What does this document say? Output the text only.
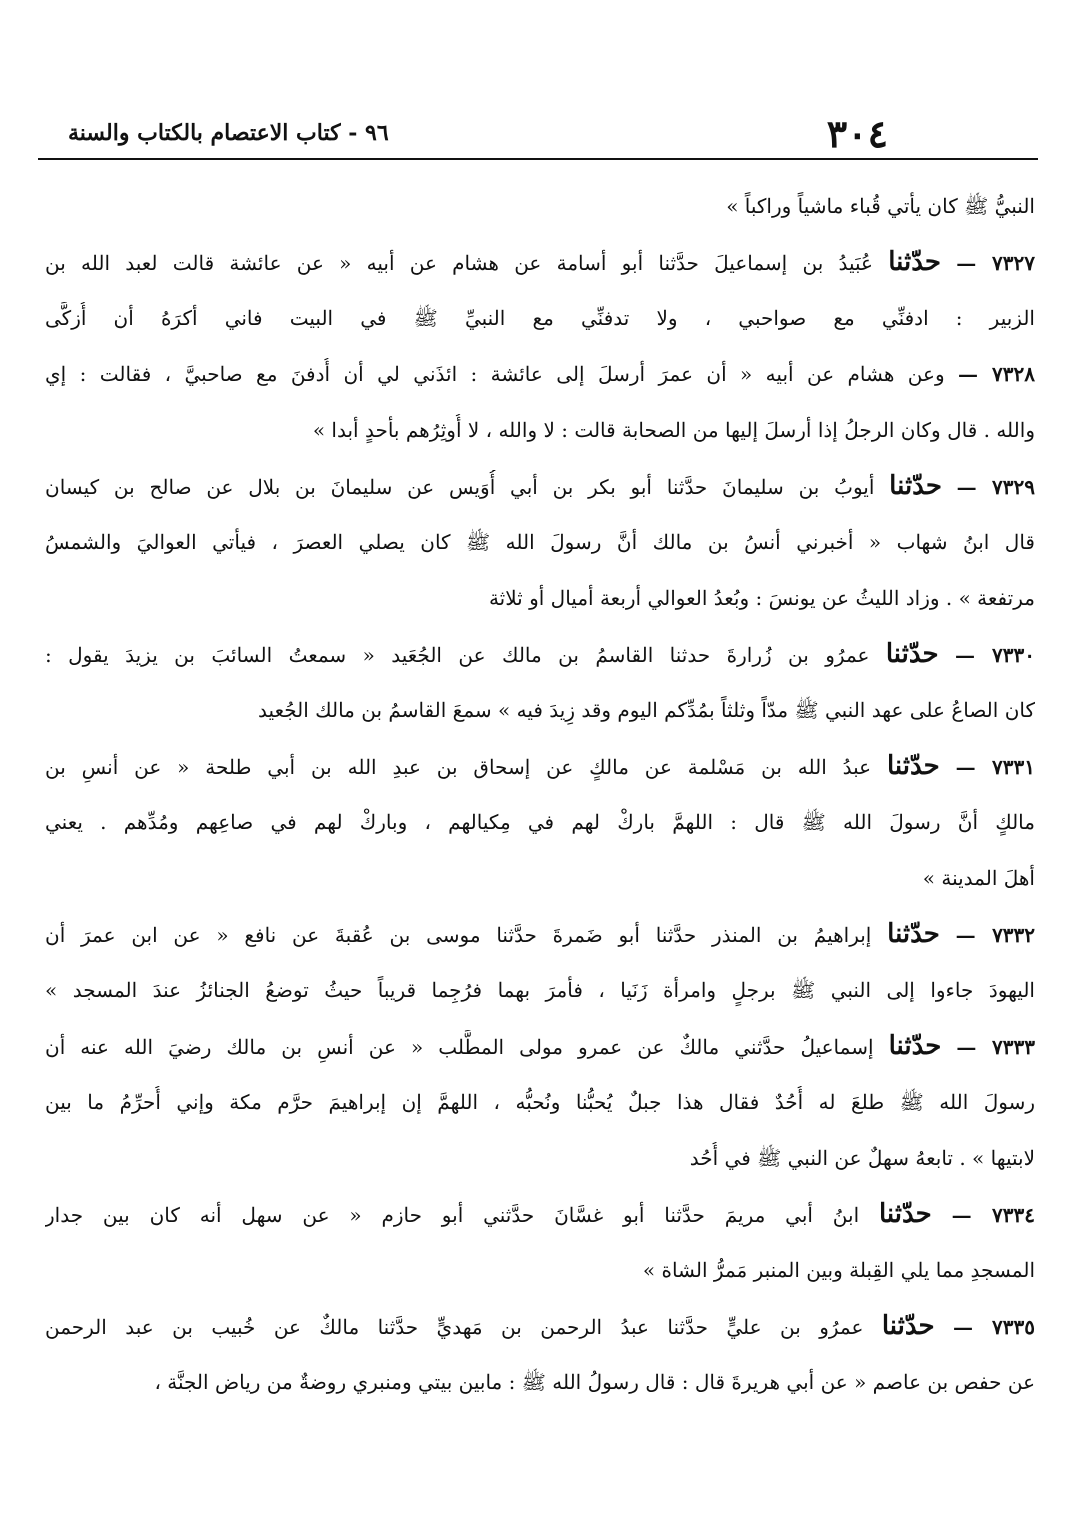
٣٠٤
٩٦ - كتاب الاعتصام بالكتاب والسنة
النبيُّ ﷺ كان يأتي قُباء ماشياً وراكباً »
٧٣٢٧ — حدّثنا عُبَيدُ بن إسماعيلَ حدَّثنا أبو أسامة عن هشام عن أبيه « عن عائشة قالت لعبد الله بن
الزبير : ادفنِّي مع صواحبي ، ولا تدفنِّي مع النبيِّ ﷺ في البيت فاني أكرَهُ أن أُزكَّى
٧٣٢٨ — وعن هشام عن أبيه « أن عمرَ أرسلَ إلى عائشة : ائذَني لي أن أُدفنَ مع صاحبيَّ ، فقالت : إي
والله . قال وكان الرجلُ إذا أرسلَ إليها من الصحابة قالت : لا والله ، لا أُوثِرُهم بأحدٍ أبدا »
٧٣٢٩ — حدّثنا أيوبُ بن سليمانَ حدَّثنا أبو بكر بن أبي أُوَيس عن سليمانَ بن بلال عن صالح بن كيسان
قال ابنُ شهاب « أخبرني أنسُ بن مالك أنَّ رسولَ الله ﷺ كان يصلي العصرَ ، فيأتي العواليَ والشمسُ
مرتفعة » . وزاد الليثُ عن يونسَ : وبُعدُ العوالي أربعة أميال أو ثلاثة
٧٣٣٠ — حدّثنا عمرُو بن زُرارةَ حدثنا القاسمُ بن مالك عن الجُعَيد « سمعتُ السائبَ بن يزيدَ يقول :
كان الصاعُ على عهد النبي ﷺ مدّاً وثلثاً بمُدِّكم اليوم وقد زِيدَ فيه » سمعَ القاسمُ بن مالك الجُعيد
٧٣٣١ — حدّثنا عبدُ الله بن مَسْلمة عن مالكٍ عن إسحاق بن عبدِ الله بن أبي طلحة « عن أنسِ بن
مالكٍ أنَّ رسولَ الله ﷺ قال : اللهمَّ باركْ لهم في مِكيالهم ، وباركْ لهم في صاعِهم ومُدِّهم . يعني
أهلَ المدينة »
٧٣٣٢ — حدّثنا إبراهيمُ بن المنذر حدَّثنا أبو ضَمرةَ حدَّثنا موسى بن عُقبةَ عن نافع « عن ابن عمرَ أن
اليهودَ جاءوا إلى النبي ﷺ برجلٍ وامرأة زَنَيا ، فأمرَ بهما فرُجِما قريباً حيثُ توضعُ الجنائزُ عندَ المسجد »
٧٣٣٣ — حدّثنا إسماعيلُ حدَّثني مالكٌ عن عمرو مولى المطَّلب « عن أنسِ بن مالك رضيَ الله عنه أن
رسولَ الله ﷺ طلعَ له أُحُدٌ فقال هذا جبلٌ يُحبُّنا ونُحبُّه ، اللهمَّ إن إبراهيمَ حرَّم مكة وإني أُحرِّمُ ما بين
لابتيها » . تابعهُ سهلٌ عن النبي ﷺ في أُحُد
٧٣٣٤ — حدّثنا ابنُ أبي مريمَ حدَّثنا أبو غسَّانَ حدَّثني أبو حازم « عن سهل أنه كان بين جدار
المسجدِ مما يلي القِبلة وبين المنبر مَمرُّ الشاة »
٧٣٣٥ — حدّثنا عمرُو بن عليٍّ حدَّثنا عبدُ الرحمن بن مَهديٍّ حدَّثنا مالكٌ عن خُبيب بن عبد الرحمن
عن حفص بن عاصم « عن أبي هريرةَ قال : قال رسولُ الله ﷺ : مابين بيتي ومنبري روضةٌ من رياض الجنَّة ،
